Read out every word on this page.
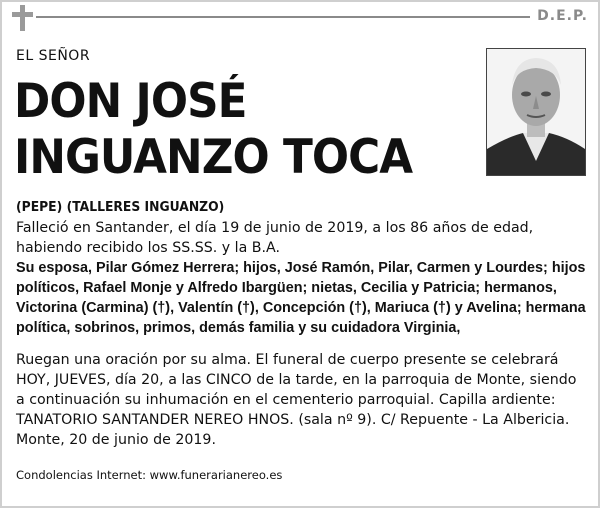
D.E.P.
EL SEÑOR
DON JOSÉ
INGUANZO TOCA
(PEPE) (TALLERES INGUANZO)

Falleció en Santander, el día 19 de junio de 2019, a los 86 años de edad,

habiendo recibido los SS.SS. y la B.A.

Su esposa, Pilar Gómez Herrera; hijos, José Ramón, Pilar, Carmen y Lourdes; hijos políticos, Rafael Monje y Alfredo Ibargüen; nietas, Cecilia y Patricia; hermanos, Victorina (Carmina) (†), Valentín (†), Concepción (†), Mariuca (†) y Avelina; hermana política, sobrinos, primos, demás familia y su cuidadora Virginia,

Ruegan una oración por su alma. El funeral de cuerpo presente se celebrará

HOY, JUEVES, día 20, a las CINCO de la tarde, en la parroquia de Monte, siendo

a continuación su inhumación en el cementerio parroquial. Capilla ardiente:

TANATORIO SANTANDER NEREO HNOS. (sala nº 9). C/ Repuente - La Albericia.

Monte, 20 de junio de 2019.

Condolencias Internet: www.funerarianereo.es
